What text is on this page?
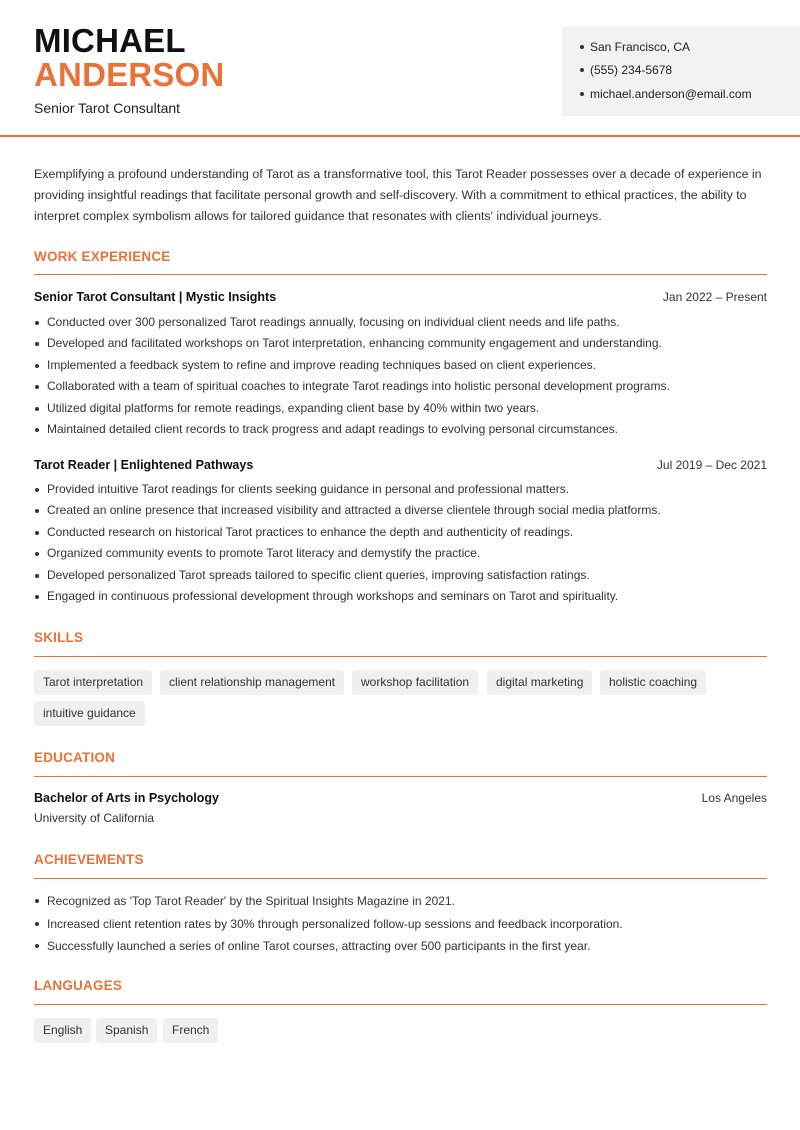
MICHAEL
ANDERSON
Senior Tarot Consultant
San Francisco, CA
(555) 234-5678
michael.anderson@email.com

Exemplifying a profound understanding of Tarot as a transformative tool, this Tarot Reader possesses over a decade of experience in providing insightful readings that facilitate personal growth and self-discovery. With a commitment to ethical practices, the ability to interpret complex symbolism allows for tailored guidance that resonates with clients' individual journeys.

WORK EXPERIENCE
Senior Tarot Consultant | Mystic Insights	Jan 2022 – Present
Conducted over 300 personalized Tarot readings annually, focusing on individual client needs and life paths.
Developed and facilitated workshops on Tarot interpretation, enhancing community engagement and understanding.
Implemented a feedback system to refine and improve reading techniques based on client experiences.
Collaborated with a team of spiritual coaches to integrate Tarot readings into holistic personal development programs.
Utilized digital platforms for remote readings, expanding client base by 40% within two years.
Maintained detailed client records to track progress and adapt readings to evolving personal circumstances.
Tarot Reader | Enlightened Pathways	Jul 2019 – Dec 2021
Provided intuitive Tarot readings for clients seeking guidance in personal and professional matters.
Created an online presence that increased visibility and attracted a diverse clientele through social media platforms.
Conducted research on historical Tarot practices to enhance the depth and authenticity of readings.
Organized community events to promote Tarot literacy and demystify the practice.
Developed personalized Tarot spreads tailored to specific client queries, improving satisfaction ratings.
Engaged in continuous professional development through workshops and seminars on Tarot and spirituality.
SKILLS
Tarot interpretation	client relationship management	workshop facilitation	digital marketing	holistic coaching
intuitive guidance
EDUCATION
Bachelor of Arts in Psychology	Los Angeles
University of California
ACHIEVEMENTS
Recognized as 'Top Tarot Reader' by the Spiritual Insights Magazine in 2021.
Increased client retention rates by 30% through personalized follow-up sessions and feedback incorporation.
Successfully launched a series of online Tarot courses, attracting over 500 participants in the first year.
LANGUAGES
English	Spanish	French
